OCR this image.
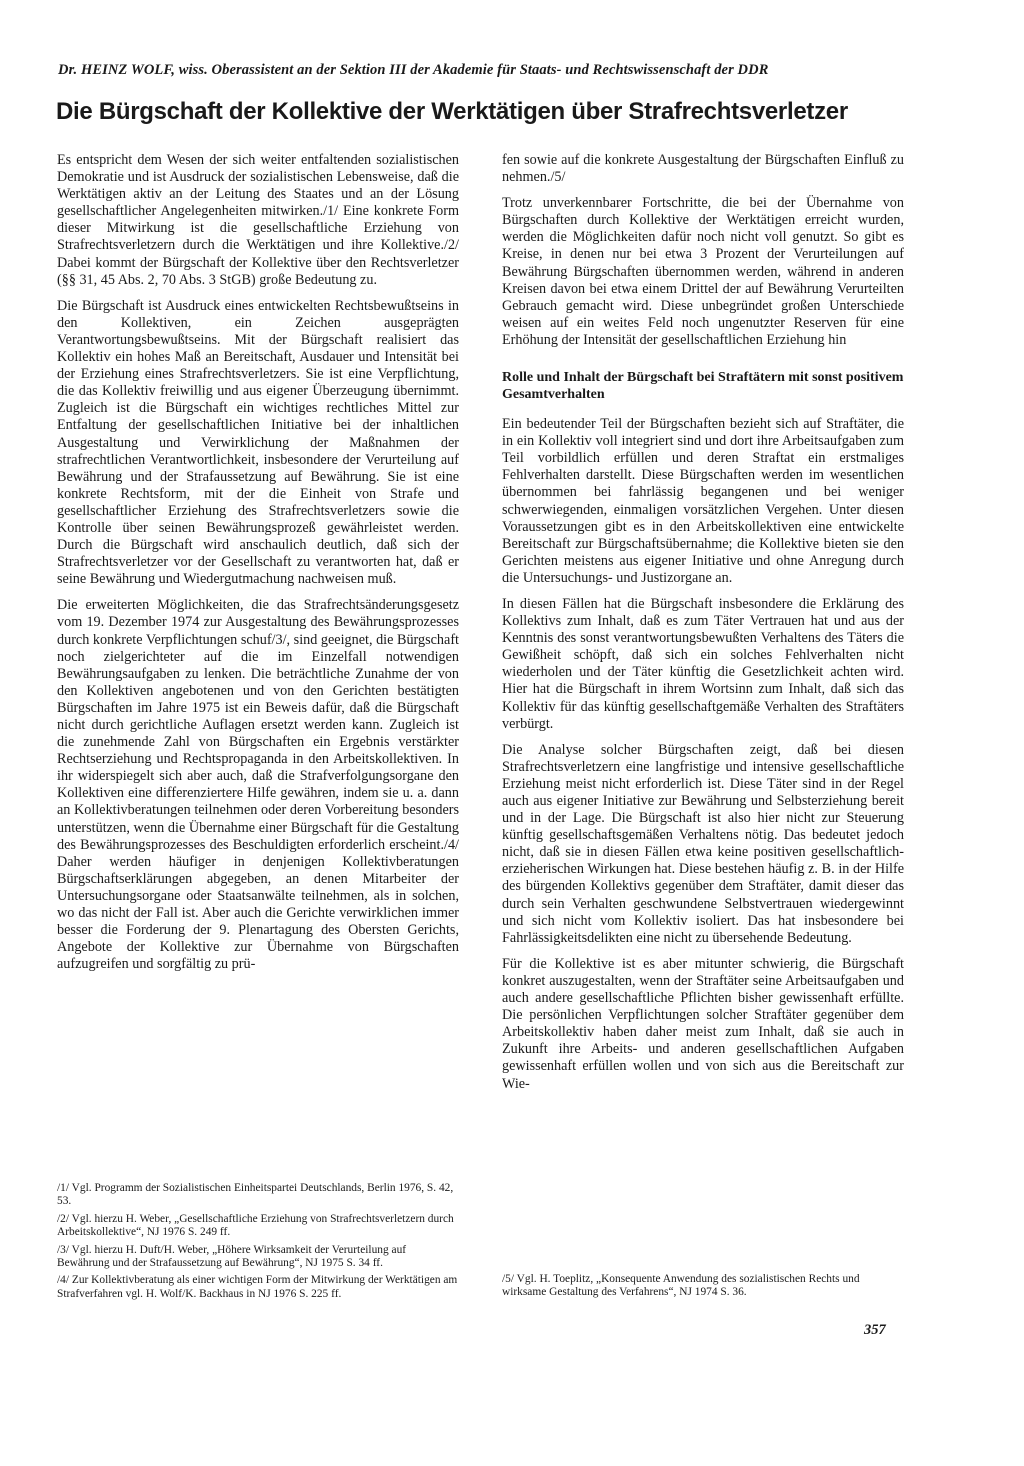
Dr. HEINZ WOLF, wiss. Oberassistent an der Sektion III der Akademie für Staats- und Rechtswissenschaft der DDR
Die Bürgschaft der Kollektive der Werktätigen über Strafrechtsverletzer

Es entspricht dem Wesen der sich weiter entfaltenden sozialistischen Demokratie und ist Ausdruck der sozialistischen Lebensweise, daß die Werktätigen aktiv an der Leitung des Staates und an der Lösung gesellschaftlicher Angelegenheiten mitwirken./1/ Eine konkrete Form dieser Mitwirkung ist die gesellschaftliche Erziehung von Strafrechtsverletzern durch die Werktätigen und ihre Kollektive./2/ Dabei kommt der Bürgschaft der Kollektive über den Rechtsverletzer (§§ 31, 45 Abs. 2, 70 Abs. 3 StGB) große Bedeutung zu.

Die Bürgschaft ist Ausdruck eines entwickelten Rechtsbewußtseins in den Kollektiven, ein Zeichen ausgeprägten Verantwortungsbewußtseins. Mit der Bürgschaft realisiert das Kollektiv ein hohes Maß an Bereitschaft, Ausdauer und Intensität bei der Erziehung eines Strafrechtsverletzers. Sie ist eine Verpflichtung, die das Kollektiv freiwillig und aus eigener Überzeugung übernimmt. Zugleich ist die Bürgschaft ein wichtiges rechtliches Mittel zur Entfaltung der gesellschaftlichen Initiative bei der inhaltlichen Ausgestaltung und Verwirklichung der Maßnahmen der strafrechtlichen Verantwortlichkeit, insbesondere der Verurteilung auf Bewährung und der Strafaussetzung auf Bewährung. Sie ist eine konkrete Rechtsform, mit der die Einheit von Strafe und gesellschaftlicher Erziehung des Strafrechtsverletzers sowie die Kontrolle über seinen Bewährungsprozeß gewährleistet werden. Durch die Bürgschaft wird anschaulich deutlich, daß sich der Strafrechtsverletzer vor der Gesellschaft zu verantworten hat, daß er seine Bewährung und Wiedergutmachung nachweisen muß.

Die erweiterten Möglichkeiten, die das Strafrechtsänderungsgesetz vom 19. Dezember 1974 zur Ausgestaltung des Bewährungsprozesses durch konkrete Verpflichtungen schuf/3/, sind geeignet, die Bürgschaft noch zielgerichteter auf die im Einzelfall notwendigen Bewährungsaufgaben zu lenken. Die beträchtliche Zunahme der von den Kollektiven angebotenen und von den Gerichten bestätigten Bürgschaften im Jahre 1975 ist ein Beweis dafür, daß die Bürgschaft nicht durch gerichtliche Auflagen ersetzt werden kann. Zugleich ist die zunehmende Zahl von Bürgschaften ein Ergebnis verstärkter Rechtserziehung und Rechtspropaganda in den Arbeitskollektiven. In ihr widerspiegelt sich aber auch, daß die Strafverfolgungsorgane den Kollektiven eine differenziertere Hilfe gewähren, indem sie u. a. dann an Kollektivberatungen teilnehmen oder deren Vorbereitung besonders unterstützen, wenn die Übernahme einer Bürgschaft für die Gestaltung des Bewährungsprozesses des Beschuldigten erforderlich erscheint./4/ Daher werden häufiger in denjenigen Kollektivberatungen Bürgschaftserklärungen abgegeben, an denen Mitarbeiter der Untersuchungsorgane oder Staatsanwälte teilnehmen, als in solchen, wo das nicht der Fall ist. Aber auch die Gerichte verwirklichen immer besser die Forderung der 9. Plenartagung des Obersten Gerichts, Angebote der Kollektive zur Übernahme von Bürgschaften aufzugreifen und sorgfältig zu prü-

/1/ Vgl. Programm der Sozialistischen Einheitspartei Deutschlands, Berlin 1976, S. 42, 53.

/2/ Vgl. hierzu H. Weber, „Gesellschaftliche Erziehung von Strafrechtsverletzern durch Arbeitskollektive“, NJ 1976 S. 249 ff.

/3/ Vgl. hierzu H. Duft/H. Weber, „Höhere Wirksamkeit der Verurteilung auf Bewährung und der Strafaussetzung auf Bewährung“, NJ 1975 S. 34 ff.

/4/ Zur Kollektivberatung als einer wichtigen Form der Mitwirkung der Werktätigen am Strafverfahren vgl. H. Wolf/K. Backhaus in NJ 1976 S. 225 ff.

fen sowie auf die konkrete Ausgestaltung der Bürgschaften Einfluß zu nehmen./5/

Trotz unverkennbarer Fortschritte, die bei der Übernahme von Bürgschaften durch Kollektive der Werktätigen erreicht wurden, werden die Möglichkeiten dafür noch nicht voll genutzt. So gibt es Kreise, in denen nur bei etwa 3 Prozent der Verurteilungen auf Bewährung Bürgschaften übernommen werden, während in anderen Kreisen davon bei etwa einem Drittel der auf Bewährung Verurteilten Gebrauch gemacht wird. Diese unbegründet großen Unterschiede weisen auf ein weites Feld noch ungenutzter Reserven für eine Erhöhung der Intensität der gesellschaftlichen Erziehung hin

Rolle und Inhalt der Bürgschaft bei Straftätern mit sonst positivem Gesamtverhalten

Ein bedeutender Teil der Bürgschaften bezieht sich auf Straftäter, die in ein Kollektiv voll integriert sind und dort ihre Arbeitsaufgaben zum Teil vorbildlich erfüllen und deren Straftat ein erstmaliges Fehlverhalten darstellt. Diese Bürgschaften werden im wesentlichen übernommen bei fahrlässig begangenen und bei weniger schwerwiegenden, einmaligen vorsätzlichen Vergehen. Unter diesen Voraussetzungen gibt es in den Arbeitskollektiven eine entwickelte Bereitschaft zur Bürgschaftsübernahme; die Kollektive bieten sie den Gerichten meistens aus eigener Initiative und ohne Anregung durch die Untersuchungs- und Justizorgane an.

In diesen Fällen hat die Bürgschaft insbesondere die Erklärung des Kollektivs zum Inhalt, daß es zum Täter Vertrauen hat und aus der Kenntnis des sonst verantwortungsbewußten Verhaltens des Täters die Gewißheit schöpft, daß sich ein solches Fehlverhalten nicht wiederholen und der Täter künftig die Gesetzlichkeit achten wird. Hier hat die Bürgschaft in ihrem Wortsinn zum Inhalt, daß sich das Kollektiv für das künftig gesellschaftgemäße Verhalten des Straftäters verbürgt.

Die Analyse solcher Bürgschaften zeigt, daß bei diesen Strafrechtsverletzern eine langfristige und intensive gesellschaftliche Erziehung meist nicht erforderlich ist. Diese Täter sind in der Regel auch aus eigener Initiative zur Bewährung und Selbsterziehung bereit und in der Lage. Die Bürgschaft ist also hier nicht zur Steuerung künftig gesellschaftsgemäßen Verhaltens nötig. Das bedeutet jedoch nicht, daß sie in diesen Fällen etwa keine positiven gesellschaftlich-erzieherischen Wirkungen hat. Diese bestehen häufig z. B. in der Hilfe des bürgenden Kollektivs gegenüber dem Straftäter, damit dieser das durch sein Verhalten geschwundene Selbstvertrauen wiedergewinnt und sich nicht vom Kollektiv isoliert. Das hat insbesondere bei Fahrlässigkeitsdelikten eine nicht zu übersehende Bedeutung.

Für die Kollektive ist es aber mitunter schwierig, die Bürgschaft konkret auszugestalten, wenn der Straftäter seine Arbeitsaufgaben und auch andere gesellschaftliche Pflichten bisher gewissenhaft erfüllte. Die persönlichen Verpflichtungen solcher Straftäter gegenüber dem Arbeitskollektiv haben daher meist zum Inhalt, daß sie auch in Zukunft ihre Arbeits- und anderen gesellschaftlichen Aufgaben gewissenhaft erfüllen wollen und von sich aus die Bereitschaft zur Wie-

/5/ Vgl. H. Toeplitz, „Konsequente Anwendung des sozialistischen Rechts und wirksame Gestaltung des Verfahrens“, NJ 1974 S. 36.

357
